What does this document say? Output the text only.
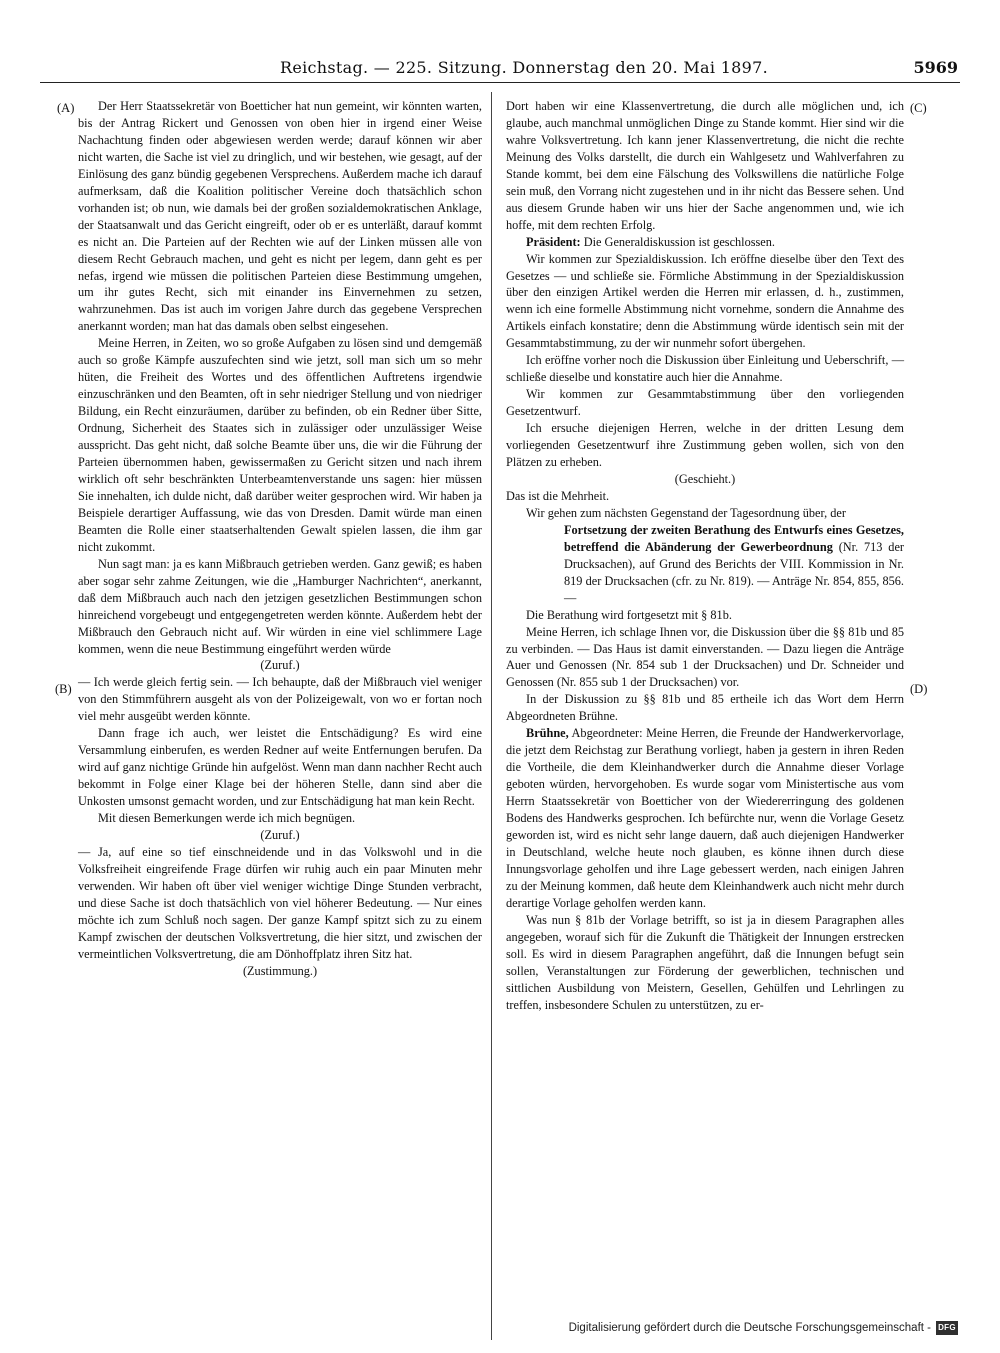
Reichstag. — 225. Sitzung. Donnerstag den 20. Mai 1897.	5969
(A)
(B)
(C)
(D)

Der Herr Staatssekretär von Boetticher hat nun gemeint, wir könnten warten, bis der Antrag Rickert und Genossen von oben hier in irgend einer Weise Nachachtung finden oder abgewiesen werden werde; darauf können wir aber nicht warten, die Sache ist viel zu dringlich, und wir bestehen, wie gesagt, auf der Einlösung des ganz bündig gegebenen Versprechens. Außerdem mache ich darauf aufmerksam, daß die Koalition politischer Vereine doch thatsächlich schon vorhanden ist; ob nun, wie damals bei der großen sozialdemokratischen Anklage, der Staatsanwalt und das Gericht eingreift, oder ob er es unterläßt, darauf kommt es nicht an. Die Parteien auf der Rechten wie auf der Linken müssen alle von diesem Recht Gebrauch machen, und geht es nicht per legem, dann geht es per nefas, irgend wie müssen die politischen Parteien diese Bestimmung umgehen, um ihr gutes Recht, sich mit einander ins Einvernehmen zu setzen, wahrzunehmen. Das ist auch im vorigen Jahre durch das gegebene Versprechen anerkannt worden; man hat das damals oben selbst eingesehen.

Meine Herren, in Zeiten, wo so große Aufgaben zu lösen sind und demgemäß auch so große Kämpfe auszufechten sind wie jetzt, soll man sich um so mehr hüten, die Freiheit des Wortes und des öffentlichen Auftretens irgendwie einzuschränken und den Beamten, oft in sehr niedriger Stellung und von niedriger Bildung, ein Recht einzuräumen, darüber zu befinden, ob ein Redner über Sitte, Ordnung, Sicherheit des Staates sich in zulässiger oder unzulässiger Weise ausspricht. Das geht nicht, daß solche Beamte über uns, die wir die Führung der Parteien übernommen haben, gewissermaßen zu Gericht sitzen und nach ihrem wirklich oft sehr beschränkten Unterbeamtenverstande uns sagen: hier müssen Sie innehalten, ich dulde nicht, daß darüber weiter gesprochen wird. Wir haben ja Beispiele derartiger Auffassung, wie das von Dresden. Damit würde man einen Beamten die Rolle einer staatserhaltenden Gewalt spielen lassen, die ihm gar nicht zukommt.

Nun sagt man: ja es kann Mißbrauch getrieben werden. Ganz gewiß; es haben aber sogar sehr zahme Zeitungen, wie die „Hamburger Nachrichten“, anerkannt, daß dem Mißbrauch auch nach den jetzigen gesetzlichen Bestimmungen schon hinreichend vorgebeugt und entgegengetreten werden könnte. Außerdem hebt der Mißbrauch den Gebrauch nicht auf. Wir würden in eine viel schlimmere Lage kommen, wenn die neue Bestimmung eingeführt werden würde

(Zuruf.)

— Ich werde gleich fertig sein. — Ich behaupte, daß der Mißbrauch viel weniger von den Stimmführern ausgeht als von der Polizeigewalt, von wo er fortan noch viel mehr ausgeübt werden könnte.

Dann frage ich auch, wer leistet die Entschädigung? Es wird eine Versammlung einberufen, es werden Redner auf weite Entfernungen berufen. Da wird auf ganz nichtige Gründe hin aufgelöst. Wenn man dann nachher Recht auch bekommt in Folge einer Klage bei der höheren Stelle, dann sind aber die Unkosten umsonst gemacht worden, und zur Entschädigung hat man kein Recht.

Mit diesen Bemerkungen werde ich mich begnügen.

(Zuruf.)

— Ja, auf eine so tief einschneidende und in das Volkswohl und in die Volksfreiheit eingreifende Frage dürfen wir ruhig auch ein paar Minuten mehr verwenden. Wir haben oft über viel weniger wichtige Dinge Stunden verbracht, und diese Sache ist doch thatsächlich von viel höherer Bedeutung. — Nur eines möchte ich zum Schluß noch sagen. Der ganze Kampf spitzt sich zu zu einem Kampf zwischen der deutschen Volksvertretung, die hier sitzt, und zwischen der vermeintlichen Volksvertretung, die am Dönhoffplatz ihren Sitz hat.

(Zustimmung.)

Dort haben wir eine Klassenvertretung, die durch alle möglichen und, ich glaube, auch manchmal unmöglichen Dinge zu Stande kommt. Hier sind wir die wahre Volksvertretung. Ich kann jener Klassenvertretung, die nicht die rechte Meinung des Volks darstellt, die durch ein Wahlgesetz und Wahlverfahren zu Stande kommt, bei dem eine Fälschung des Volkswillens die natürliche Folge sein muß, den Vorrang nicht zugestehen und in ihr nicht das Bessere sehen. Und aus diesem Grunde haben wir uns hier der Sache angenommen und, wie ich hoffe, mit dem rechten Erfolg.

Präsident: Die Generaldiskussion ist geschlossen.

Wir kommen zur Spezialdiskussion. Ich eröffne dieselbe über den Text des Gesetzes — und schließe sie. Förmliche Abstimmung in der Spezialdiskussion über den einzigen Artikel werden die Herren mir erlassen, d. h., zustimmen, wenn ich eine formelle Abstimmung nicht vornehme, sondern die Annahme des Artikels einfach konstatire; denn die Abstimmung würde identisch sein mit der Gesammtabstimmung, zu der wir nunmehr sofort übergehen.

Ich eröffne vorher noch die Diskussion über Einleitung und Ueberschrift, — schließe dieselbe und konstatire auch hier die Annahme.

Wir kommen zur Gesammtabstimmung über den vorliegenden Gesetzentwurf.

Ich ersuche diejenigen Herren, welche in der dritten Lesung dem vorliegenden Gesetzentwurf ihre Zustimmung geben wollen, sich von den Plätzen zu erheben.

(Geschieht.)

Das ist die Mehrheit.

Wir gehen zum nächsten Gegenstand der Tagesordnung über, der

Fortsetzung der zweiten Berathung des Entwurfs eines Gesetzes, betreffend die Abänderung der Gewerbeordnung (Nr. 713 der Drucksachen), auf Grund des Berichts der VIII. Kommission in Nr. 819 der Drucksachen (cfr. zu Nr. 819). — Anträge Nr. 854, 855, 856. —

Die Berathung wird fortgesetzt mit § 81b.

Meine Herren, ich schlage Ihnen vor, die Diskussion über die §§ 81b und 85 zu verbinden. — Das Haus ist damit einverstanden. — Dazu liegen die Anträge Auer und Genossen (Nr. 854 sub 1 der Drucksachen) und Dr. Schneider und Genossen (Nr. 855 sub 1 der Drucksachen) vor.

In der Diskussion zu §§ 81b und 85 ertheile ich das Wort dem Herrn Abgeordneten Brühne.

Brühne, Abgeordneter: Meine Herren, die Freunde der Handwerkervorlage, die jetzt dem Reichstag zur Berathung vorliegt, haben ja gestern in ihren Reden die Vortheile, die dem Kleinhandwerker durch die Annahme dieser Vorlage geboten würden, hervorgehoben. Es wurde sogar vom Ministertische aus vom Herrn Staatssekretär von Boetticher von der Wiedererringung des goldenen Bodens des Handwerks gesprochen. Ich befürchte nur, wenn die Vorlage Gesetz geworden ist, wird es nicht sehr lange dauern, daß auch diejenigen Handwerker in Deutschland, welche heute noch glauben, es könne ihnen durch diese Innungsvorlage geholfen und ihre Lage gebessert werden, nach einigen Jahren zu der Meinung kommen, daß heute dem Kleinhandwerk auch nicht mehr durch derartige Vorlage geholfen werden kann.

Was nun § 81b der Vorlage betrifft, so ist ja in diesem Paragraphen alles angegeben, worauf sich für die Zukunft die Thätigkeit der Innungen erstrecken soll. Es wird in diesem Paragraphen angeführt, daß die Innungen befugt sein sollen, Veranstaltungen zur Förderung der gewerblichen, technischen und sittlichen Ausbildung von Meistern, Gesellen, Gehülfen und Lehrlingen zu treffen, insbesondere Schulen zu unterstützen, zu er-

Digitalisierung gefördert durch die Deutsche Forschungsgemeinschaft - DFG
